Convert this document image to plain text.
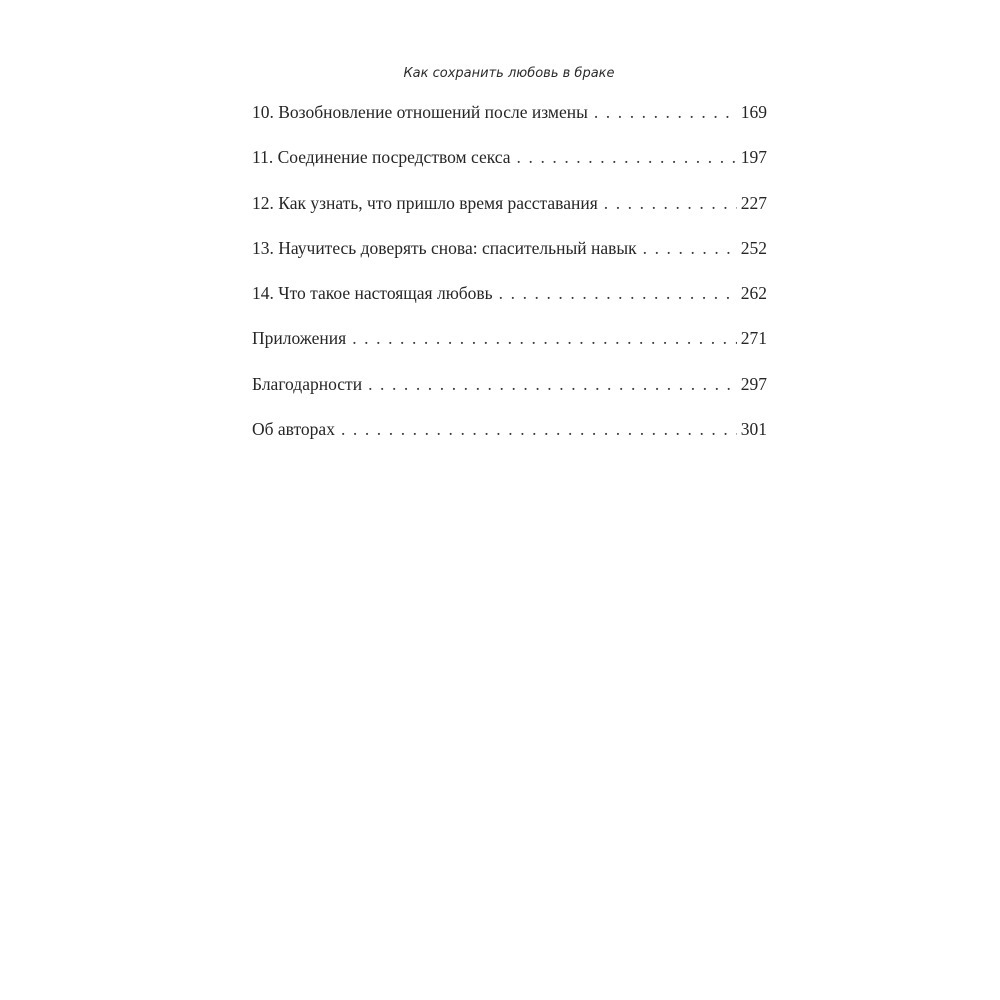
Как сохранить любовь в браке
10. Возобновление отношений после измены . . .	169
11. Соединение посредством секса . . .	197
12. Как узнать, что пришло время расставания . . .	227
13. Научитесь доверять снова: спасительный навык . . .	252
14. Что такое настоящая любовь . . .	262
Приложения . . .	271
Благодарности . . .	297
Об авторах . . .	301
